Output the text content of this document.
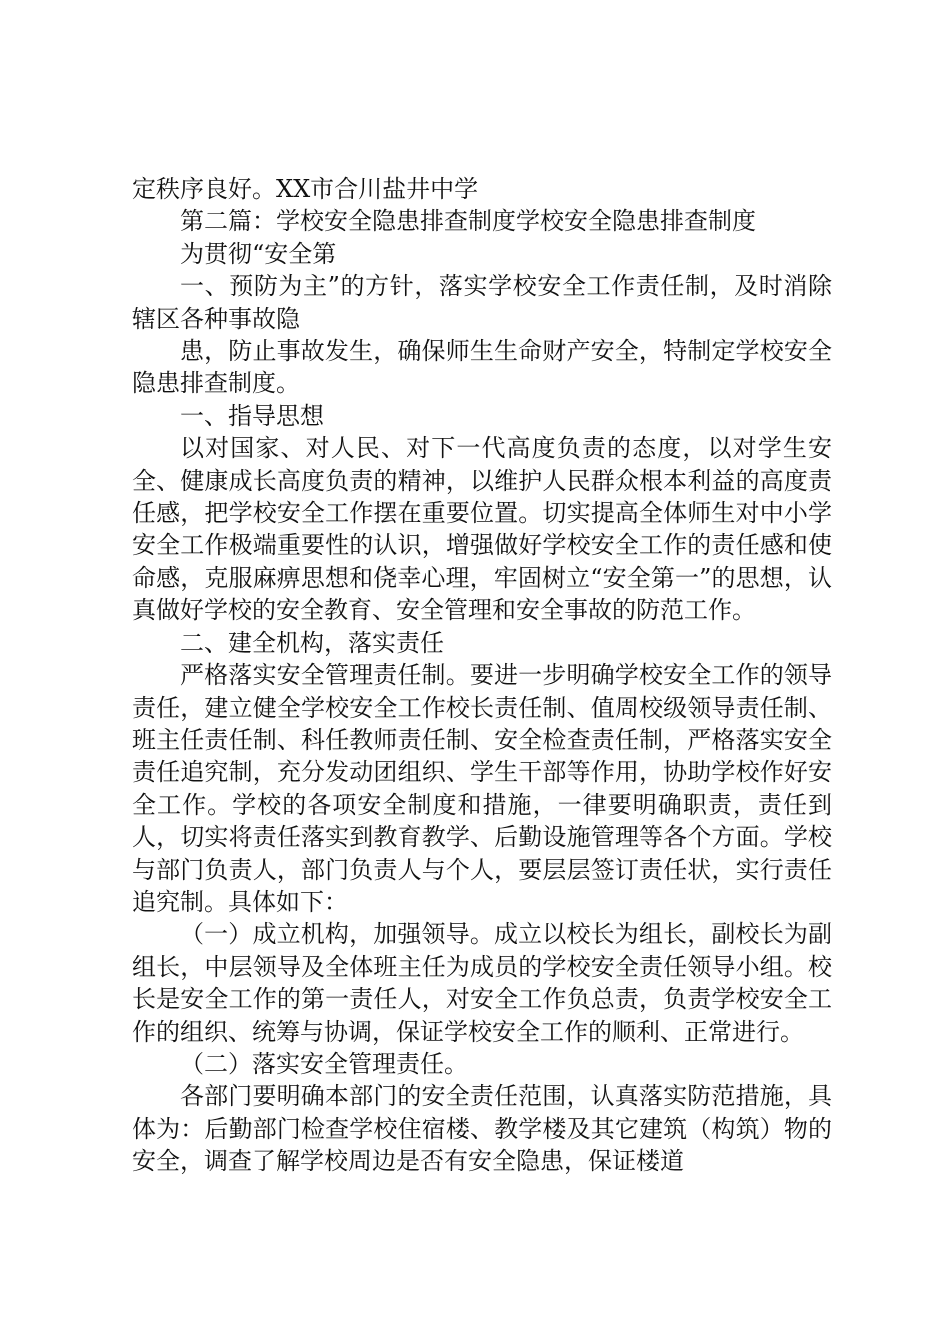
定秩序良好。XX市合川盐井中学

第二篇：学校安全隐患排查制度学校安全隐患排查制度

为贯彻“安全第

一、预防为主”的方针，落实学校安全工作责任制，及时消除辖区各种事故隐

患，防止事故发生，确保师生生命财产安全，特制定学校安全隐患排查制度。

一、指导思想

以对国家、对人民、对下一代高度负责的态度，以对学生安全、健康成长高度负责的精神，以维护人民群众根本利益的高度责任感，把学校安全工作摆在重要位置。切实提高全体师生对中小学安全工作极端重要性的认识，增强做好学校安全工作的责任感和使命感，克服麻痹思想和侥幸心理，牢固树立“安全第一”的思想，认真做好学校的安全教育、安全管理和安全事故的防范工作。

二、建全机构，落实责任

严格落实安全管理责任制。要进一步明确学校安全工作的领导责任，建立健全学校安全工作校长责任制、值周校级领导责任制、班主任责任制、科任教师责任制、安全检查责任制，严格落实安全责任追究制，充分发动团组织、学生干部等作用，协助学校作好安全工作。学校的各项安全制度和措施，一律要明确职责，责任到人，切实将责任落实到教育教学、后勤设施管理等各个方面。学校与部门负责人，部门负责人与个人，要层层签订责任状，实行责任追究制。具体如下：

（一）成立机构，加强领导。成立以校长为组长，副校长为副组长，中层领导及全体班主任为成员的学校安全责任领导小组。校长是安全工作的第一责任人，对安全工作负总责，负责学校安全工作的组织、统筹与协调，保证学校安全工作的顺利、正常进行。

（二）落实安全管理责任。

各部门要明确本部门的安全责任范围，认真落实防范措施，具体为：后勤部门检查学校住宿楼、教学楼及其它建筑（构筑）物的安全，调查了解学校周边是否有安全隐患，保证楼道
